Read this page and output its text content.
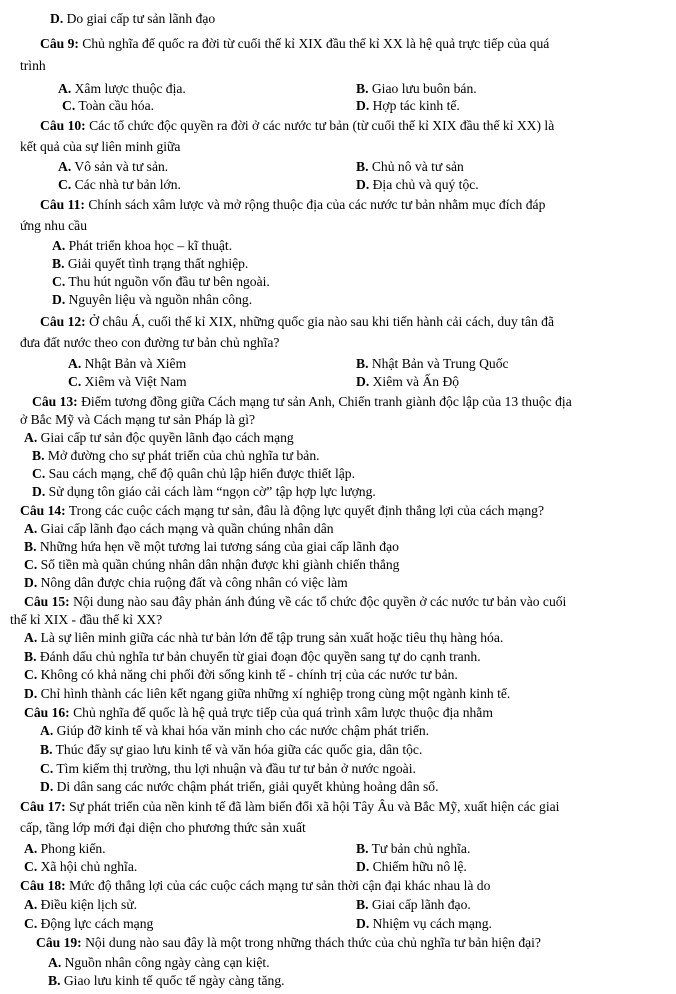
D. Do giai cấp tư sản lãnh đạo
Câu 9: Chủ nghĩa đế quốc ra đời từ cuối thế kỉ XIX đầu thế kỉ XX là hệ quả trực tiếp của quá
trình
A. Xâm lược thuộc địa.	B. Giao lưu buôn bán.
C. Toàn cầu hóa.	D. Hợp tác kinh tế.
Câu 10: Các tổ chức độc quyền ra đời ở các nước tư bản (từ cuối thế kỉ XIX đầu thế kỉ XX) là
kết quả của sự liên minh giữa
A. Vô sản và tư sản.	B. Chủ nô và tư sản
C. Các nhà tư bản lớn.	D. Địa chủ và quý tộc.
Câu 11: Chính sách xâm lược và mở rộng thuộc địa của các nước tư bản nhằm mục đích đáp
ứng nhu cầu
A. Phát triển khoa học – kĩ thuật.
B. Giải quyết tình trạng thất nghiệp.
C. Thu hút nguồn vốn đầu tư bên ngoài.
D. Nguyên liệu và nguồn nhân công.
Câu 12: Ở châu Á, cuối thế kỉ XIX, những quốc gia nào sau khi tiến hành cải cách, duy tân đã
đưa đất nước theo con đường tư bản chủ nghĩa?
A. Nhật Bản và Xiêm	B. Nhật Bản và Trung Quốc
C. Xiêm và Việt Nam	D. Xiêm và Ấn Độ
Câu 13: Điểm tương đồng giữa Cách mạng tư sản Anh, Chiến tranh giành độc lập của 13 thuộc địa
ở Bắc Mỹ và Cách mạng tư sản Pháp là gì?
A. Giai cấp tư sản độc quyền lãnh đạo cách mạng
B. Mở đường cho sự phát triển của chủ nghĩa tư bản.
C. Sau cách mạng, chế độ quân chủ lập hiến được thiết lập.
D. Sử dụng tôn giáo cải cách làm “ngọn cờ” tập hợp lực lượng.
Câu 14: Trong các cuộc cách mạng tư sản, đâu là động lực quyết định thắng lợi của cách mạng?
A. Giai cấp lãnh đạo cách mạng và quần chúng nhân dân
B. Những hứa hẹn về một tương lai tương sáng của giai cấp lãnh đạo
C. Số tiền mà quần chúng nhân dân nhận được khi giành chiến thắng
D. Nông dân được chia ruộng đất và công nhân có việc làm
Câu 15: Nội dung nào sau đây phản ánh đúng về các tổ chức độc quyền ở các nước tư bản vào cuối
thế kỉ XIX - đầu thế kỉ XX?
A. Là sự liên minh giữa các nhà tư bản lớn để tập trung sản xuất hoặc tiêu thụ hàng hóa.
B. Đánh dấu chủ nghĩa tư bản chuyển từ giai đoạn độc quyền sang tự do cạnh tranh.
C. Không có khả năng chi phối đời sống kinh tế - chính trị của các nước tư bản.
D. Chỉ hình thành các liên kết ngang giữa những xí nghiệp trong cùng một ngành kinh tế.
Câu 16: Chủ nghĩa đế quốc là hệ quả trực tiếp của quá trình xâm lược thuộc địa nhằm
A. Giúp đỡ kinh tế và khai hóa văn minh cho các nước chậm phát triển.
B. Thúc đẩy sự giao lưu kinh tế và văn hóa giữa các quốc gia, dân tộc.
C. Tìm kiếm thị trường, thu lợi nhuận và đầu tư tư bản ở nước ngoài.
D. Di dân sang các nước chậm phát triển, giải quyết khủng hoảng dân số.
Câu 17: Sự phát triển của nền kinh tế đã làm biến đổi xã hội Tây Âu và Bắc Mỹ, xuất hiện các giai
cấp, tầng lớp mới đại diện cho phương thức sản xuất
A. Phong kiến.	B. Tư bản chủ nghĩa.
C. Xã hội chủ nghĩa.	D. Chiếm hữu nô lệ.
Câu 18: Mức độ thắng lợi của các cuộc cách mạng tư sản thời cận đại khác nhau là do
A. Điều kiện lịch sử.	B. Giai cấp lãnh đạo.
C. Động lực cách mạng	D. Nhiệm vụ cách mạng.
Câu 19: Nội dung nào sau đây là một trong những thách thức của chủ nghĩa tư bản hiện đại?
A. Nguồn nhân công ngày càng cạn kiệt.
B. Giao lưu kinh tế quốc tế ngày càng tăng.
